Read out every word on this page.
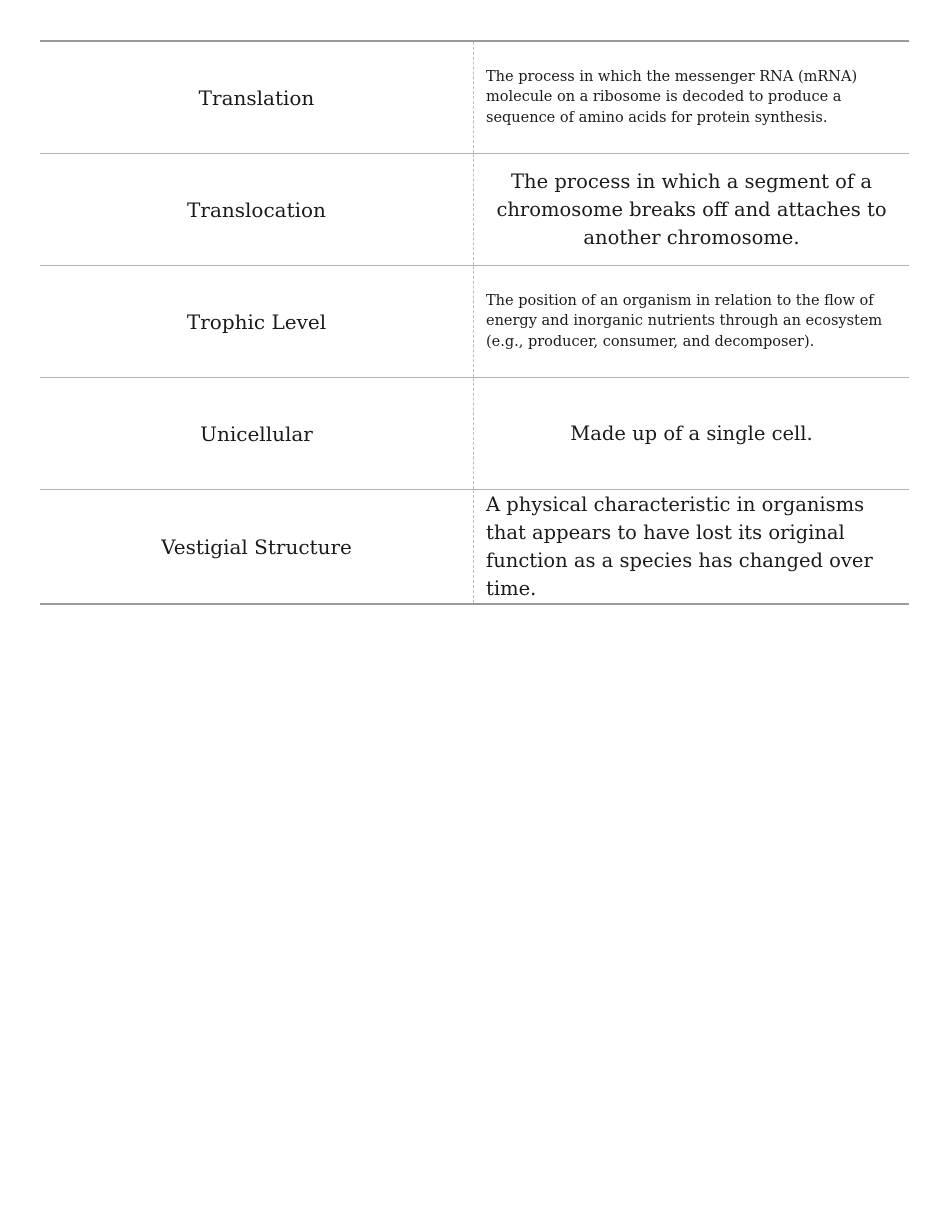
Translation
The process in which the messenger RNA (mRNA) molecule on a ribosome is decoded to produce a sequence of amino acids for protein synthesis.
Translocation
The process in which a segment of a chromosome breaks off and attaches to another chromosome.
Trophic Level
The position of an organism in relation to the flow of energy and inorganic nutrients through an ecosystem (e.g., producer, consumer, and decomposer).
Unicellular	Made up of a single cell.
Vestigial Structure
A physical characteristic in organisms that appears to have lost its original function as a species has changed over time.
